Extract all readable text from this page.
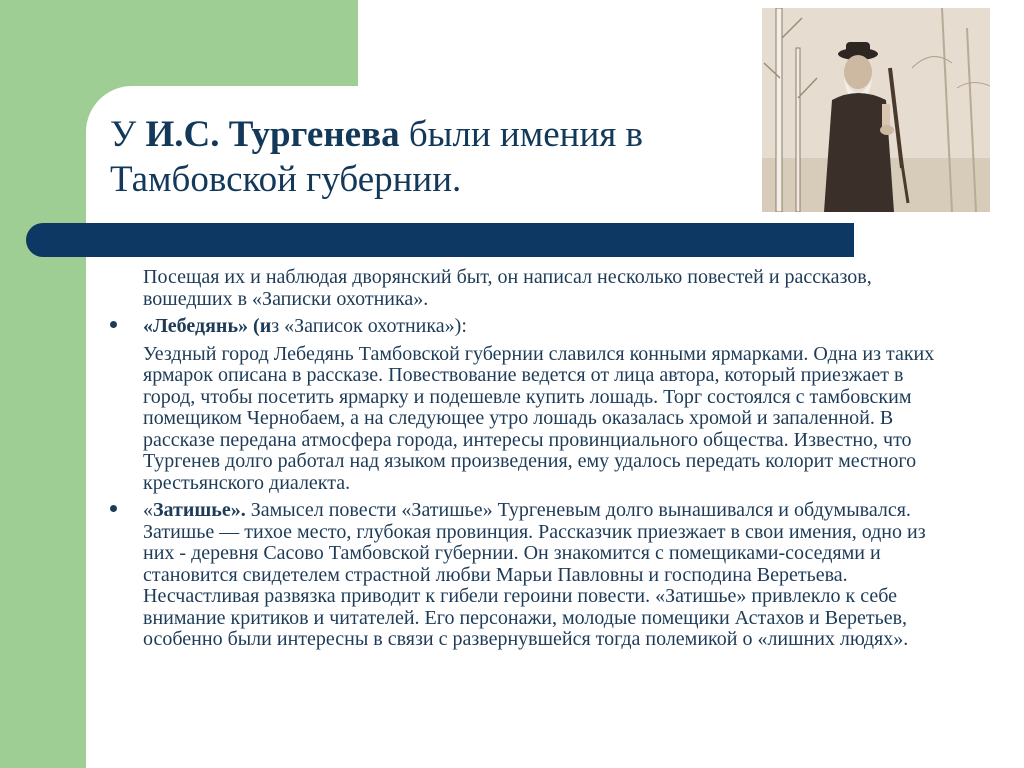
У И.С. Тургенева были имения в Тамбовской губернии.

Посещая их и наблюдая дворянский быт, он написал несколько повестей и рассказов, вошедших в «Записки охотника».

«Лебедянь» (из «Записок охотника»):

Уездный город Лебедянь Тамбовской губернии славился конными ярмарками. Одна из таких ярмарок описана в рассказе. Повествование ведется от лица автора, который приезжает в город, чтобы посетить ярмарку и подешевле купить лошадь. Торг состоялся с тамбовским помещиком Чернобаем, а на следующее утро лошадь оказалась хромой и запаленной. В рассказе передана атмосфера города, интересы провинциального общества. Известно, что Тургенев долго работал над языком произведения, ему удалось передать колорит местного крестьянского диалекта.

«Затишье». Замысел повести «Затишье» Тургеневым долго вынашивался и обдумывался. Затишье — тихое место, глубокая провинция. Рассказчик приезжает в свои имения, одно из них - деревня Сасово Тамбовской губернии. Он знакомится с помещиками-соседями и становится свидетелем страстной любви Марьи Павловны и господина Веретьева. Несчастливая развязка приводит к гибели героини повести. «Затишье» привлекло к себе внимание критиков и читателей. Его персонажи, молодые помещики Астахов и Веретьев, особенно были интересны в связи с развернувшейся тогда полемикой о «лишних людях».
